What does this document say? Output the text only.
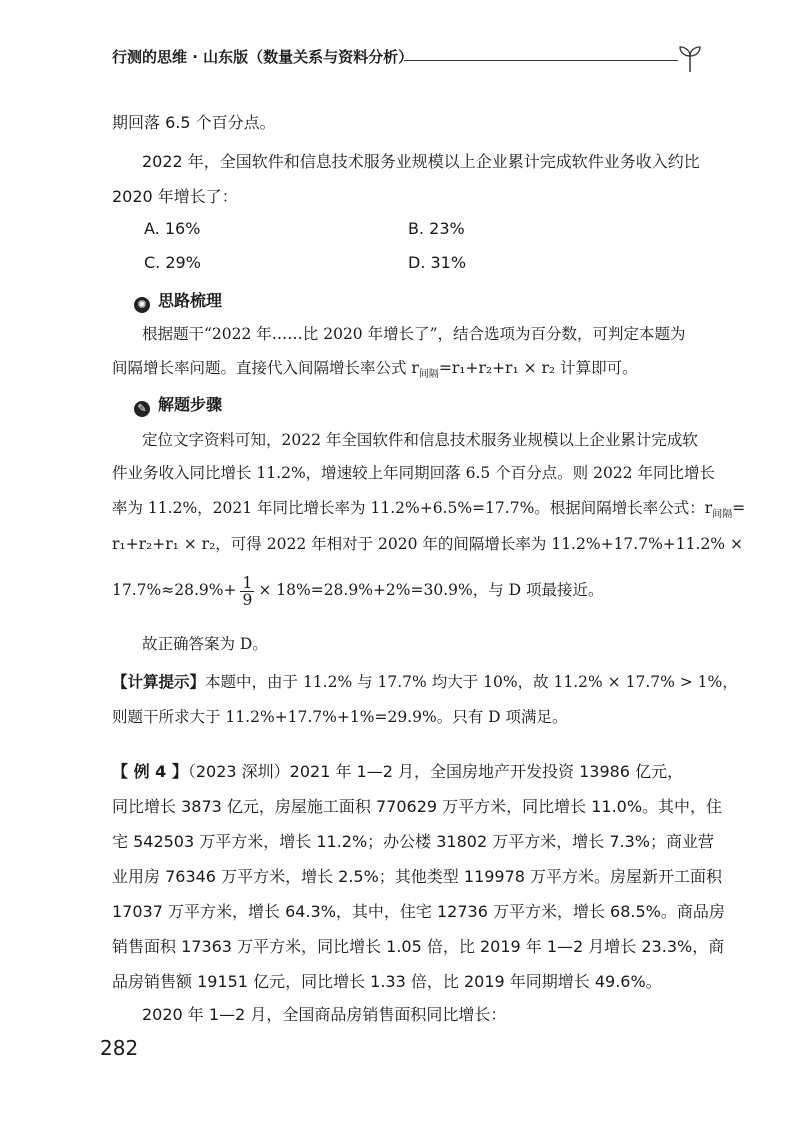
行测的思维 · 山东版（数量关系与资料分析）
期回落 6.5 个百分点。
2022 年，全国软件和信息技术服务业规模以上企业累计完成软件业务收入约比
2020 年增长了：
A. 16%	B. 23%
C. 29%	D. 31%
✺ 思路梳理
根据题干“2022 年……比 2020 年增长了”，结合选项为百分数，可判定本题为
间隔增长率问题。直接代入间隔增长率公式 $r_{间隔}=r_1+r_2+r_1 \times r_2$ 计算即可。
✎ 解题步骤
定位文字资料可知，2022 年全国软件和信息技术服务业规模以上企业累计完成软
件业务收入同比增长 11.2%，增速较上年同期回落 6.5 个百分点。则 2022 年同比增长
率为 11.2%，2021 年同比增长率为 11.2%+6.5%=17.7%。根据间隔增长率公式：$r_{间隔}=$
r₁+r₂+r₁ × r₂，可得 2022 年相对于 2020 年的间隔增长率为 11.2%+17.7%+11.2% ×
$17.7\%\approx 28.9\%+ \frac{1}{9} \times 18\%=28.9\%+2\%=30.9\%$，与 D 项最接近。
故正确答案为 D。
【计算提示】本题中，由于 11.2% 与 17.7% 均大于 10%，故 11.2% × 17.7% > 1%，
则题干所求大于 11.2%+17.7%+1%=29.9%。只有 D 项满足。
【 例 4 】（2023 深圳）2021 年 1—2 月，全国房地产开发投资 13986 亿元，
同比增长 3873 亿元，房屋施工面积 770629 万平方米，同比增长 11.0%。其中，住
宅 542503 万平方米，增长 11.2%；办公楼 31802 万平方米，增长 7.3%；商业营
业用房 76346 万平方米，增长 2.5%；其他类型 119978 万平方米。房屋新开工面积
17037 万平方米，增长 64.3%，其中，住宅 12736 万平方米，增长 68.5%。商品房
销售面积 17363 万平方米，同比增长 1.05 倍，比 2019 年 1—2 月增长 23.3%，商
品房销售额 19151 亿元，同比增长 1.33 倍，比 2019 年同期增长 49.6%。
2020 年 1—2 月，全国商品房销售面积同比增长：
282
